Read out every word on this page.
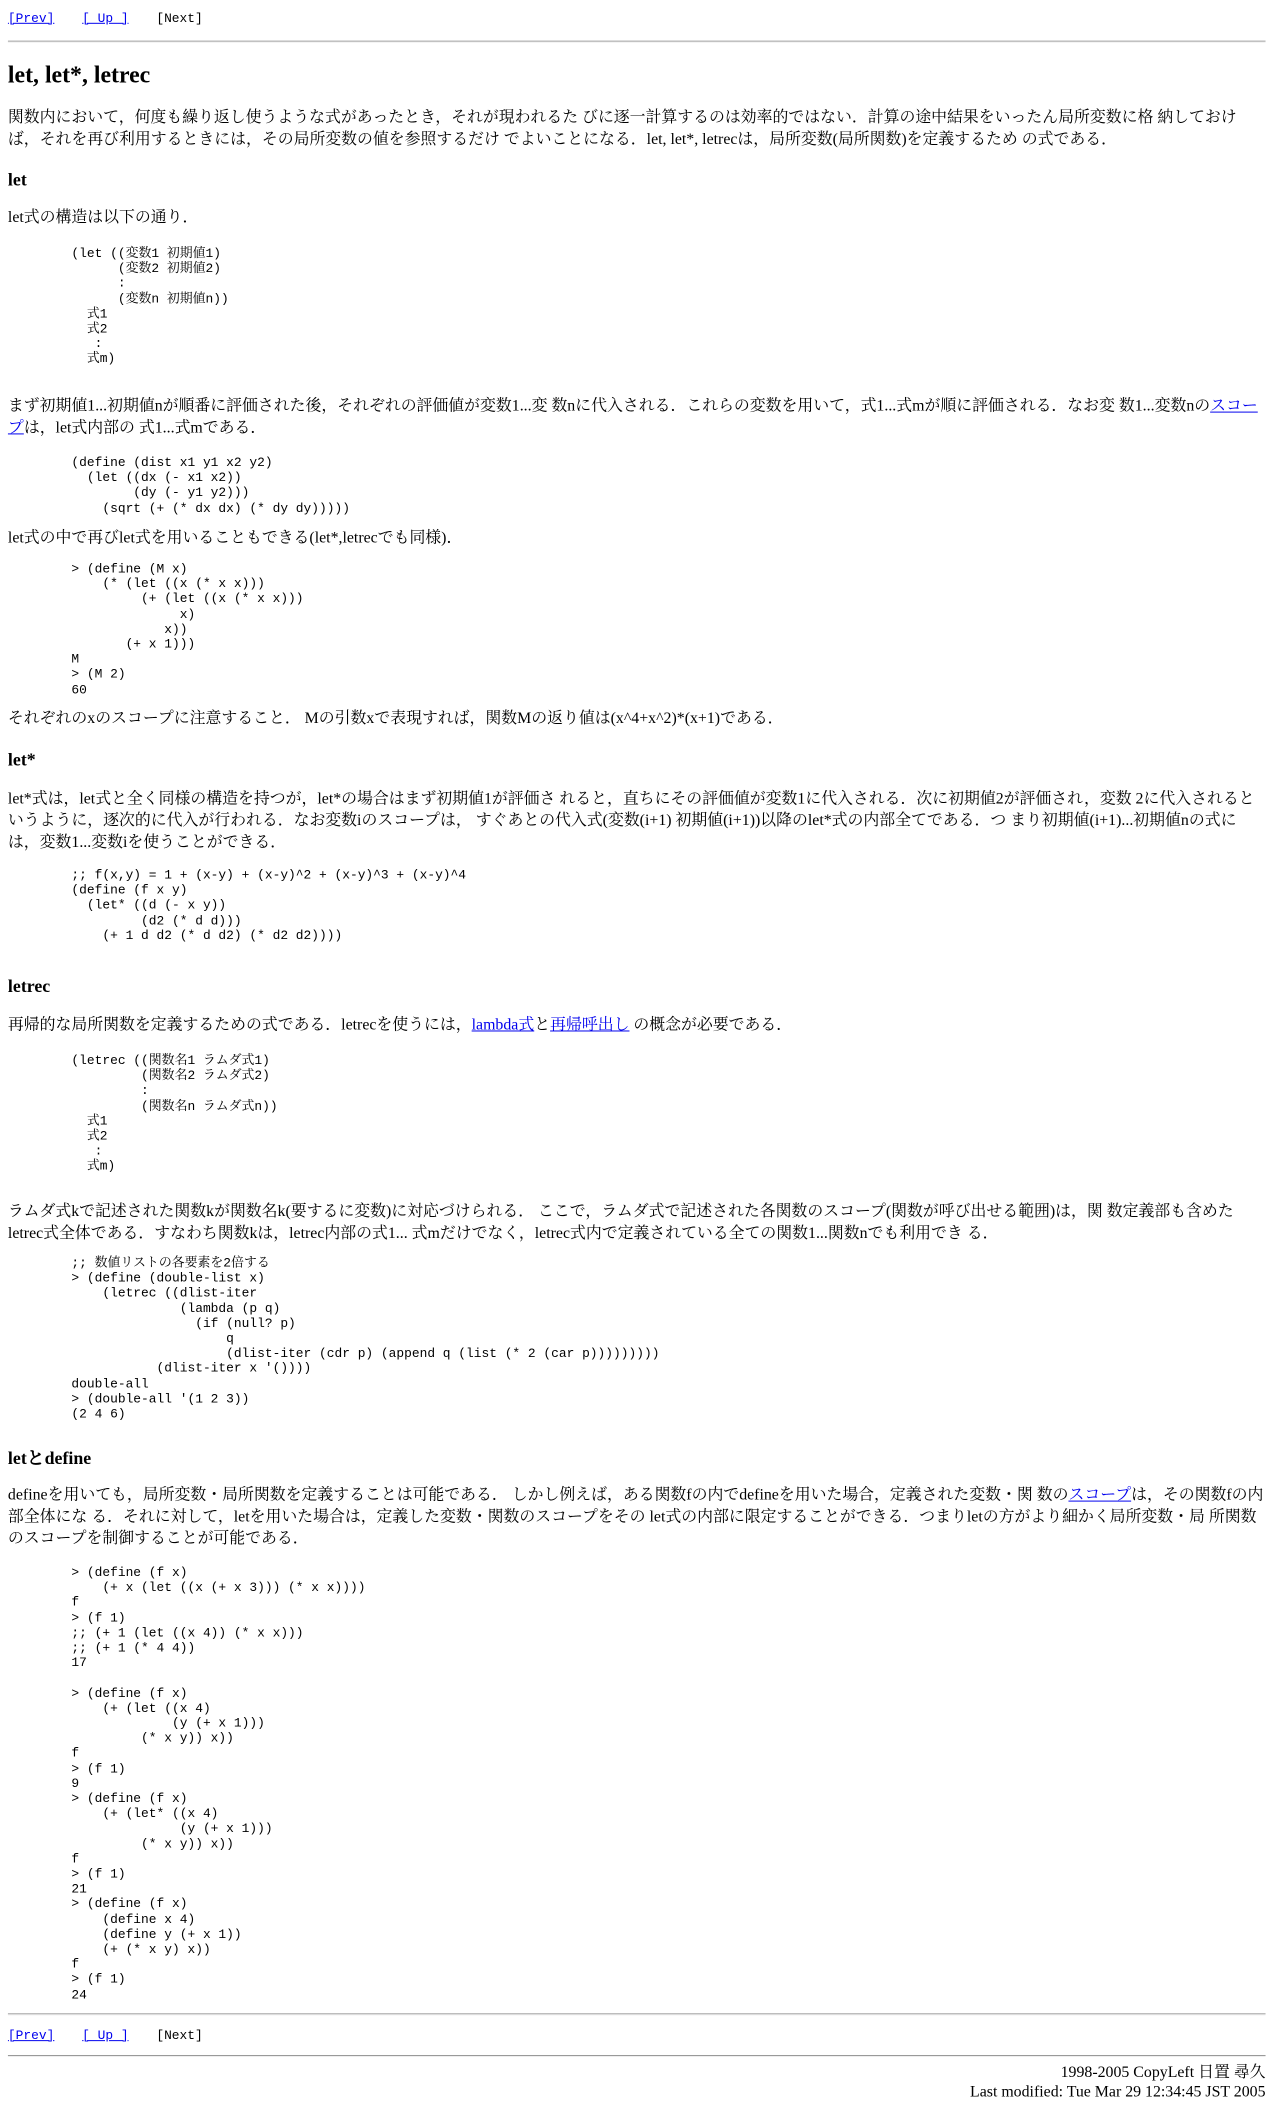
[Prev] [ Up ] [Next]
let, let*, letrec

関数内において，何度も繰り返し使うような式があったとき，それが現われるた びに逐一計算するのは効率的ではない．計算の途中結果をいったん局所変数に格 納しておけば，それを再び利用するときには，その局所変数の値を参照するだけ でよいことになる．let, let*, letrecは，局所変数(局所関数)を定義するため の式である．

let

let式の構造は以下の通り．

(let ((変数1 初期値1)
(変数2 初期値2)
:
(変数n 初期値n))
式1
式2
:
式m)

まず初期値1...初期値nが順番に評価された後，それぞれの評価値が変数1...変 数nに代入される．これらの変数を用いて，式1...式mが順に評価される．なお変 数1...変数nのスコープは，let式内部の 式1...式mである．

(define (dist x1 y1 x2 y2)
(let ((dx (- x1 x2))
(dy (- y1 y2)))
(sqrt (+ (* dx dx) (* dy dy)))))

let式の中で再びlet式を用いることもできる(let*,letrecでも同様)．

> (define (M x)
(* (let ((x (* x x)))
(+ (let ((x (* x x)))
x)
x))
(+ x 1)))
M
> (M 2)
60

それぞれのxのスコープに注意すること． Mの引数xで表現すれば，関数Mの返り値は(x^4+x^2)*(x+1)である．

let*

let*式は，let式と全く同様の構造を持つが，let*の場合はまず初期値1が評価さ れると，直ちにその評価値が変数1に代入される．次に初期値2が評価され，変数 2に代入されるというように，逐次的に代入が行われる．なお変数iのスコープは， すぐあとの代入式(変数(i+1) 初期値(i+1))以降のlet*式の内部全てである．つ まり初期値(i+1)...初期値nの式には，変数1...変数iを使うことができる．

;; f(x,y) = 1 + (x-y) + (x-y)^2 + (x-y)^3 + (x-y)^4
(define (f x y)
(let* ((d (- x y))
(d2 (* d d)))
(+ 1 d d2 (* d d2) (* d2 d2))))
letrec

再帰的な局所関数を定義するための式である．letrecを使うには，lambda式と再帰呼出し の概念が必要である．

(letrec ((関数名1 ラムダ式1)
(関数名2 ラムダ式2)
:
(関数名n ラムダ式n))
式1
式2
:
式m)

ラムダ式kで記述された関数kが関数名k(要するに変数)に対応づけられる． ここで，ラムダ式で記述された各関数のスコープ(関数が呼び出せる範囲)は，関 数定義部も含めたletrec式全体である．すなわち関数kは，letrec内部の式1... 式mだけでなく，letrec式内で定義されている全ての関数1...関数nでも利用でき る．

;; 数値リストの各要素を2倍する
> (define (double-list x)
(letrec ((dlist-iter
(lambda (p q)
(if (null? p)
q
(dlist-iter (cdr p) (append q (list (* 2 (car p)))))))))
(dlist-iter x '())))
double-all
> (double-all '(1 2 3))
(2 4 6)
letとdefine

defineを用いても，局所変数・局所関数を定義することは可能である． しかし例えば，ある関数fの内でdefineを用いた場合，定義された変数・関 数のスコープは，その関数fの内部全体にな る．それに対して，letを用いた場合は，定義した変数・関数のスコープをその let式の内部に限定することができる．つまりletの方がより細かく局所変数・局 所関数のスコープを制御することが可能である．

> (define (f x)
(+ x (let ((x (+ x 3))) (* x x))))
f
> (f 1)
;; (+ 1 (let ((x 4)) (* x x)))
;; (+ 1 (* 4 4))
17

> (define (f x)
(+ (let ((x 4)
(y (+ x 1)))
(* x y)) x))
f
> (f 1)
9
> (define (f x)
(+ (let* ((x 4)
(y (+ x 1)))
(* x y)) x))
f
> (f 1)
21
> (define (f x)
(define x 4)
(define y (+ x 1))
(+ (* x y) x))
f
> (f 1)
24
[Prev] [ Up ] [Next]
1998-2005 CopyLeft 日置 尋久
Last modified: Tue Mar 29 12:34:45 JST 2005
